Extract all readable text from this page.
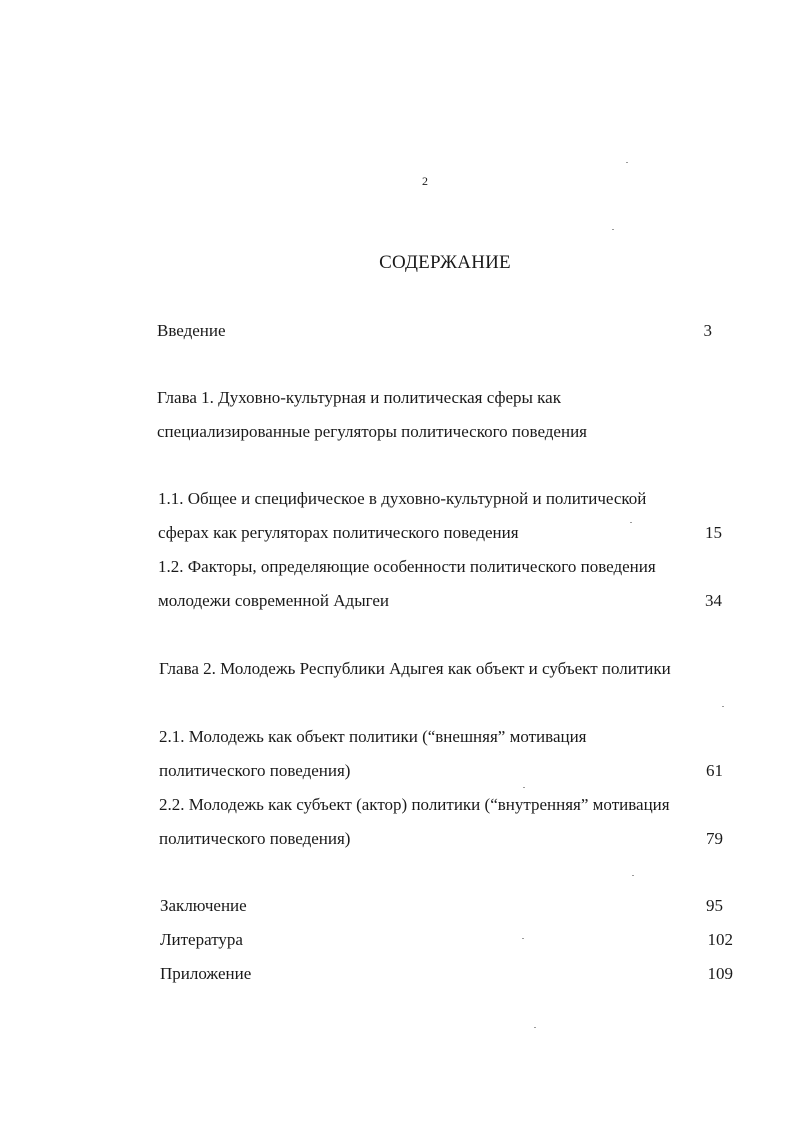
2
СОДЕРЖАНИЕ
Введение	3
Глава 1. Духовно-культурная и политическая сферы как
специализированные регуляторы политического поведения
1.1. Общее и специфическое в духовно-культурной и политической
сферах как регуляторах политического поведения	15
1.2. Факторы, определяющие особенности политического поведения
молодежи современной Адыгеи	34
Глава 2. Молодежь Республики Адыгея как объект и субъект политики
2.1. Молодежь как объект политики (“внешняя” мотивация
политического поведения)	61
2.2. Молодежь как субъект (актор) политики (“внутренняя” мотивация
политического поведения)	79
Заключение	95
Литература	102
Приложение	109
